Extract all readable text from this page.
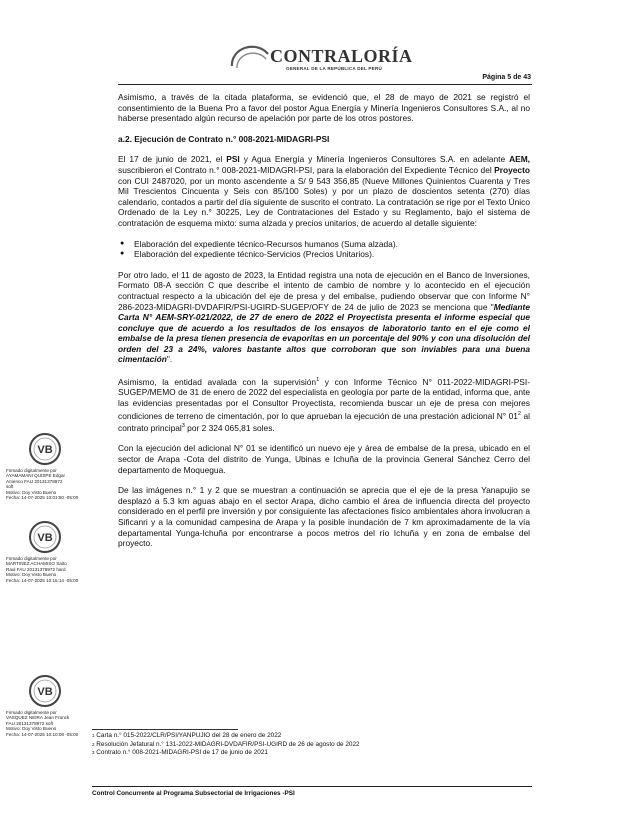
CONTRALORÍA
GENERAL DE LA REPÚBLICA DEL PERÚ
Página 5 de 43

Asimismo, a través de la citada plataforma, se evidenció que, el 28 de mayo de 2021 se registró el consentimiento de la Buena Pro a favor del postor Agua Energía y Minería Ingenieros Consultores S.A., al no haberse presentado algún recurso de apelación por parte de los otros postores.

a.2. Ejecución de Contrato n.° 008-2021-MIDAGRI-PSI

El 17 de junio de 2021, el PSI y Agua Energía y Minería Ingenieros Consultores S.A. en adelante AEM, suscribieron el Contrato n.° 008-2021-MIDAGRI-PSI, para la elaboración del Expediente Técnico del Proyecto con CUI 2487020, por un monto ascendente a S/ 9 543 356,85 (Nueve Millones Quinientos Cuarenta y Tres Mil Trescientos Cincuenta y Seis con 85/100 Soles) y por un plazo de doscientos setenta (270) días calendario, contados a partir del día siguiente de suscrito el contrato. La contratación se rige por el Texto Único Ordenado de la Ley n.° 30225, Ley de Contrataciones del Estado y su Reglamento, bajo el sistema de contratación de esquema mixto: suma alzada y precios unitarios, de acuerdo al detalle siguiente:

● Elaboración del expediente técnico-Recursos humanos (Suma alzada).
● Elaboración del expediente técnico-Servicios (Precios Unitarios).

Por otro lado, el 11 de agosto de 2023, la Entidad registra una nota de ejecución en el Banco de Inversiones, Formato 08-A sección C que describe el intento de cambio de nombre y lo acontecido en el ejecución contractual respecto a la ubicación del eje de presa y del embalse, pudiendo observar que con Informe N° 286-2023-MIDAGRI-DVDAFIR/PSI-UGIRD-SUGEP/OFY de 24 de julio de 2023 se menciona que "Mediante Carta N° AEM-SRY-021/2022, de 27 de enero de 2022 el Proyectista presenta el informe especial que concluye que de acuerdo a los resultados de los ensayos de laboratorio tanto en el eje como el embalse de la presa tienen presencia de evaporitas en un porcentaje del 90% y con una disolución del orden del 23 a 24%, valores bastante altos que corroboran que son inviables para una buena cimentación".

Asimismo, la entidad avalada con la supervisión$^1$ y con Informe Técnico N° 011-2022-MIDAGRI-PSI-SUGEP/MEMO de 31 de enero de 2022 del especialista en geología por parte de la entidad, informa que, ante las evidencias presentadas por el Consultor Proyectista, recomienda buscar un eje de presa con mejores condiciones de terreno de cimentación, por lo que aprueban la ejecución de una prestación adicional N° $01^2$ al contrato principal$^3$ por 2 324 065,81 soles.

Con la ejecución del adicional N° 01 se identificó un nuevo eje y área de embalse de la presa, ubicado en el sector de Arapa -Cota del distrito de Yunga, Ubinas e Ichuña de la provincia General Sánchez Cerro del departamento de Moquegua.

De las imágenes n.° 1 y 2 que se muestran a continuación se aprecia que el eje de la presa Yanapujio se desplazó a 5.3 km aguas abajo en el sector Arapa, dicho cambio el área de influencia directa del proyecto considerado en el perfil pre inversión y por consiguiente las afectaciones físico ambientales ahora involucran a Sificanri y a la comunidad campesina de Arapa y la posible inundación de 7 km aproximadamente de la vía departamental Yunga-Ichuña por encontrarse a pocos metros del río Ichuña y en zona de embalse del proyecto.

VB
Firmado digitalmente por
AYAMAMANI QUISPE Edgar
Amenco FAU 20131378972
soft
Motivo: Doy Visto Bueno
Fecha: 14-07-2025 10:01:50 -05:00
VB
Firmado digitalmente por
MARTINEZ ACHAMISO Saito
Raul FAU 20131378972 hard
Motivo: Doy Visto Bueno
Fecha: 14-07-2025 10:15:14 -05:00
VB
Firmado digitalmente por
VASQUEZ NEIRA Jean Franck
FAU 20131378972 soft
Motivo: Doy Visto Bueno
Fecha: 14-07-2025 10:10:08 -05:00	$^1$ Carta n.° 015-2022/CLR/PSI/YANPUJIO del 28 de enero de 2022
$^2$ Resolución Jefatural n.° 131-2022-MIDAGRI-DVDAFIR/PSI-UGIRD de 26 de agosto de 2022
$^3$ Contrato n.° 008-2021-MIDAGRI-PSI de 17 de junio de 2021
Control Concurrente al Programa Subsectorial de Irrigaciones -PSI
